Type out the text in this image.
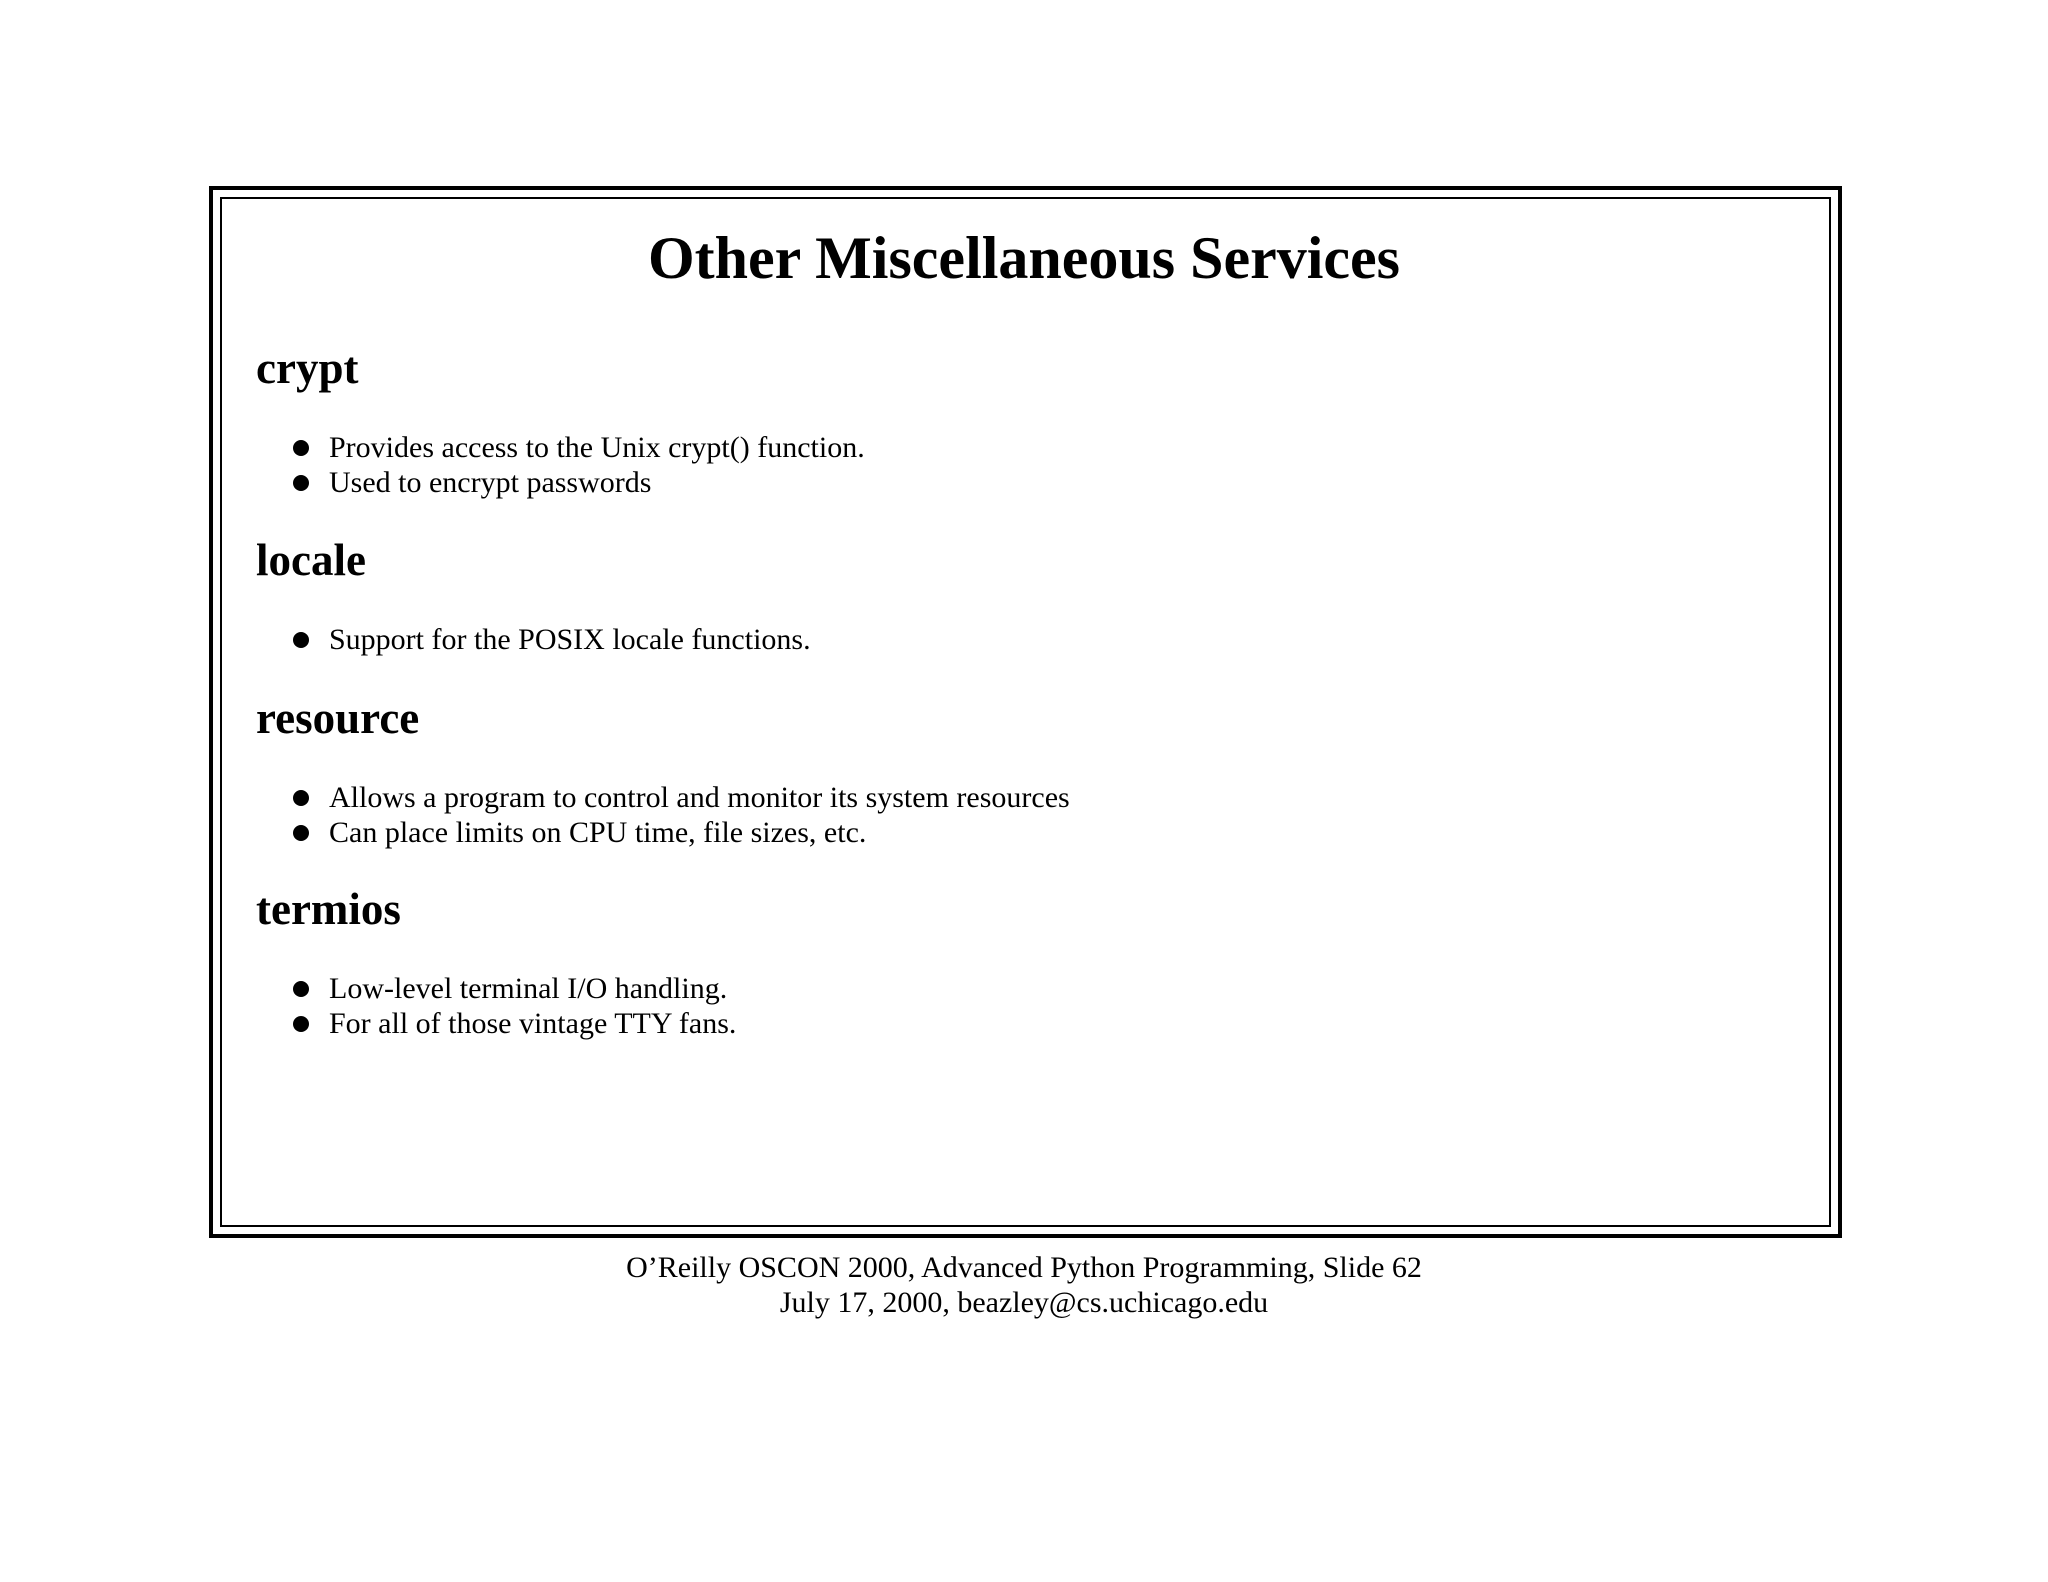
Other Miscellaneous Services
crypt
Provides access to the Unix crypt() function.
Used to encrypt passwords
locale
Support for the POSIX locale functions.
resource
Allows a program to control and monitor its system resources
Can place limits on CPU time, file sizes, etc.
termios
Low-level terminal I/O handling.
For all of those vintage TTY fans.
O’Reilly OSCON 2000, Advanced Python Programming, Slide 62
July 17, 2000, beazley@cs.uchicago.edu
